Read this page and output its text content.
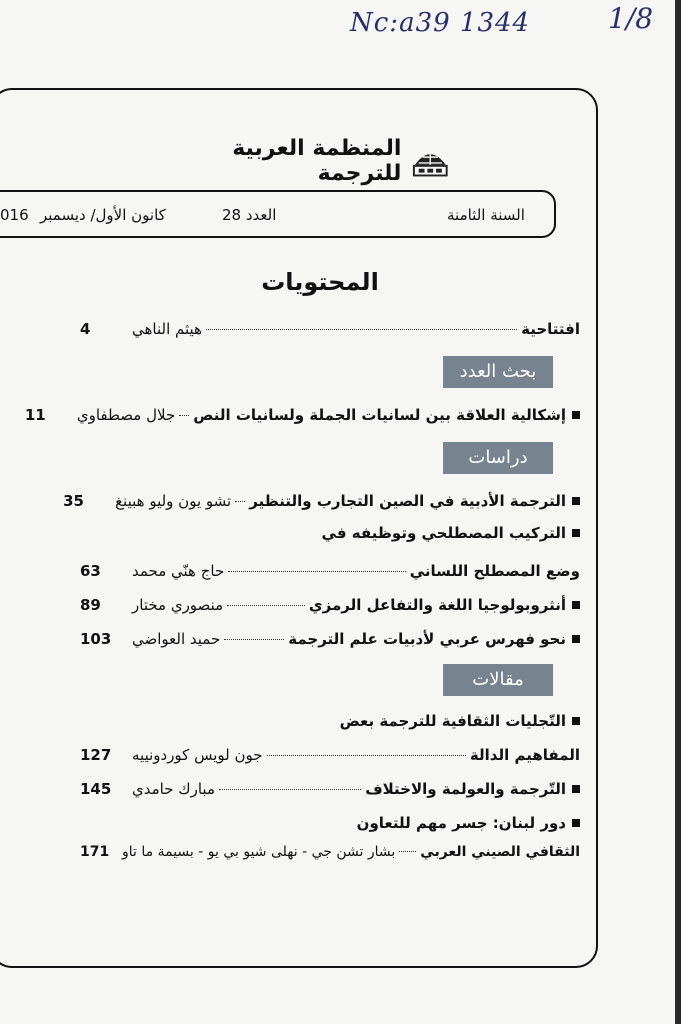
Nc:a39 1344	1/8
المنظمة العربية للترجمة
السنة الثامنة
العدد 28
كانون الأول/ ديسمبر
016
المحتويات
افتتاحية
هيثم الناهي
4
بحث العدد
إشكالية العلاقة بين لسانيات الجملة ولسانيات النص
جلال مصطفاوي
11
دراسات
الترجمة الأدبية في الصين التجارب والتنظير
تشو يون وليو هبينغ
35
التركيب المصطلحي وتوظيفه في
وضع المصطلح اللساني
حاج هنّي محمد
63
أنثروبولوجيا اللغة والتفاعل الرمزي
منصوري مختار
89
نحو فهرس عربي لأدبيات علم الترجمة
حميد العواضي
103
مقالات
التّجليات الثقافية للترجمة بعض
المفاهيم الدالة
جون لويس كوردونييه
127
التّرجمة والعولمة والاختلاف
مبارك حامدي
145
دور لبنان: جسر مهم للتعاون
الثقافي الصيني العربي
بشار تشن جي - نهلى شيو بي يو - بسيمة ما تاو
171
